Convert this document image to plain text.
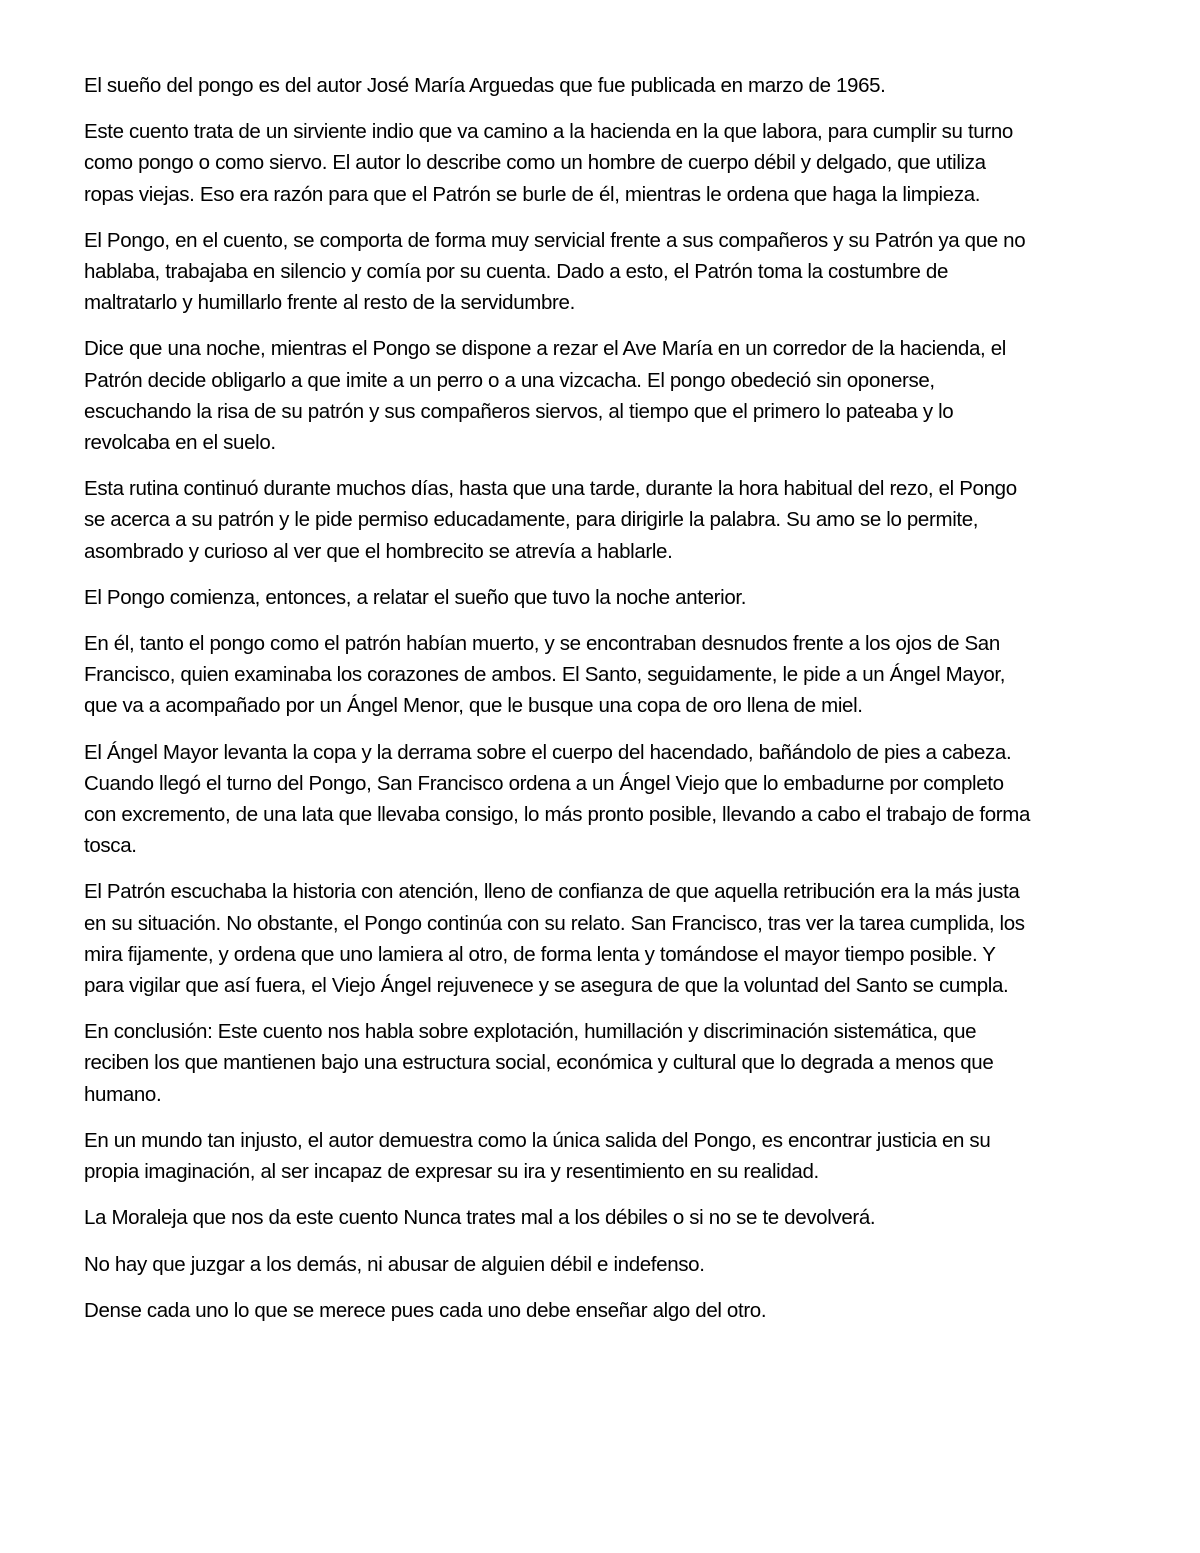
El sueño del pongo es del autor José María Arguedas que fue publicada en marzo de 1965.

Este cuento trata de un sirviente indio que va camino a la hacienda en la que labora, para cumplir su turno como pongo o como siervo. El autor lo describe como un hombre de cuerpo débil y delgado, que utiliza ropas viejas. Eso era razón para que el Patrón se burle de él, mientras le ordena que haga la limpieza.

El Pongo, en el cuento, se comporta de forma muy servicial frente a sus compañeros y su Patrón ya que no hablaba, trabajaba en silencio y comía por su cuenta. Dado a esto, el Patrón toma la costumbre de maltratarlo y humillarlo frente al resto de la servidumbre.

Dice que una noche, mientras el Pongo se dispone a rezar el Ave María en un corredor de la hacienda, el Patrón decide obligarlo a que imite a un perro o a una vizcacha. El pongo obedeció sin oponerse, escuchando la risa de su patrón y sus compañeros siervos, al tiempo que el primero lo pateaba y lo revolcaba en el suelo.

Esta rutina continuó durante muchos días, hasta que una tarde, durante la hora habitual del rezo, el Pongo se acerca a su patrón y le pide permiso educadamente, para dirigirle la palabra. Su amo se lo permite, asombrado y curioso al ver que el hombrecito se atrevía a hablarle.

El Pongo comienza, entonces, a relatar el sueño que tuvo la noche anterior.

En él, tanto el pongo como el patrón habían muerto, y se encontraban desnudos frente a los ojos de San Francisco, quien examinaba los corazones de ambos. El Santo, seguidamente, le pide a un Ángel Mayor, que va a acompañado por un Ángel Menor, que le busque una copa de oro llena de miel.

El Ángel Mayor levanta la copa y la derrama sobre el cuerpo del hacendado, bañándolo de pies a cabeza. Cuando llegó el turno del Pongo, San Francisco ordena a un Ángel Viejo que lo embadurne por completo con excremento, de una lata que llevaba consigo, lo más pronto posible, llevando a cabo el trabajo de forma tosca.

El Patrón escuchaba la historia con atención, lleno de confianza de que aquella retribución era la más justa en su situación. No obstante, el Pongo continúa con su relato. San Francisco, tras ver la tarea cumplida, los mira fijamente, y ordena que uno lamiera al otro, de forma lenta y tomándose el mayor tiempo posible. Y para vigilar que así fuera, el Viejo Ángel rejuvenece y se asegura de que la voluntad del Santo se cumpla.

En conclusión: Este cuento nos habla sobre explotación, humillación y discriminación sistemática, que reciben los que mantienen bajo una estructura social, económica y cultural que lo degrada a menos que humano.

En un mundo tan injusto, el autor demuestra como la única salida del Pongo, es encontrar justicia en su propia imaginación, al ser incapaz de expresar su ira y resentimiento en su realidad.

La Moraleja que nos da este cuento Nunca trates mal a los débiles o si no se te devolverá.

No hay que juzgar a los demás, ni abusar de alguien débil e indefenso.

Dense cada uno lo que se merece pues cada uno debe enseñar algo del otro.
